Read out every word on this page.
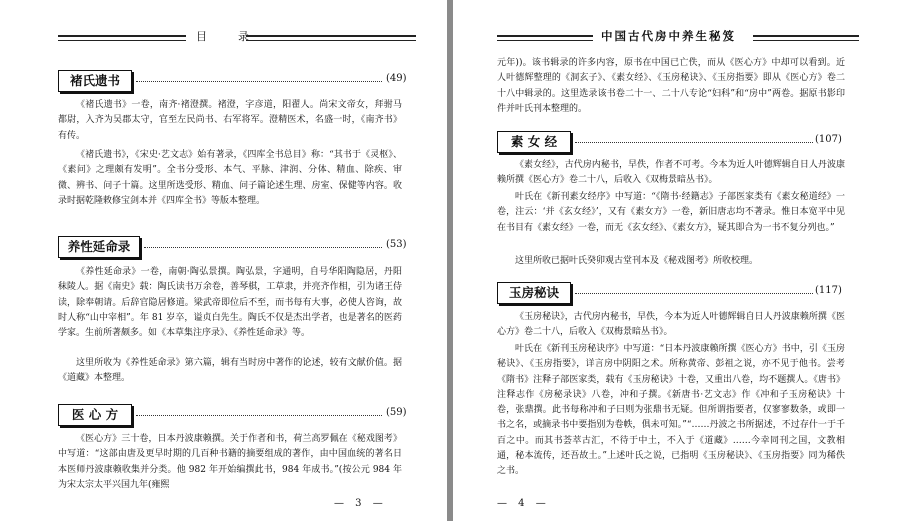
目　录
褚氏遗书	(49)
《褚氏遗书》一卷，南齐·褚澄撰。褚澄，字彦道，阳翟人。尚宋文帝女，拜驸马都尉，入齐为吴郡太守，官至左民尚书、右军将军。澄精医术，名盛一时，《南齐书》有传。
《褚氏遗书》，《宋史·艺文志》始有著录，《四库全书总目》称：“其书于《灵枢》、《素问》之理颇有发明”。全书分受形、本气、平脉、津润、分体、精血、除疾、审微、辨书、问子十篇。这里所选受形、精血、问子篇论述生理、房室、保健等内容。收录时据乾隆敕修宝剑本并《四库全书》等版本整理。
养性延命录	(53)
《养性延命录》一卷，南朝·陶弘景撰。陶弘景，字通明，自号华阳陶隐居，丹阳秣陵人。据《南史》载：陶氏读书万余卷，善琴棋，工草隶，并亮齐作相，引为诸王侍读，除奉朝请。后辞官隐居修道。梁武帝即位后不至，而书每有大事，必使人咨询，故时人称“山中宰相”。年 81 岁卒，谥贞白先生。陶氏不仅是杰出学者，也是著名的医药学家。生前所著颇多。如《本草集注序录》、《养性延命录》等。
这里所收为《养性延命录》第六篇，辑有当时房中著作的论述，较有文献价值。据《道藏》本整理。
医 心 方	(59)
《医心方》三十卷，日本丹波康赖撰。关于作者和书，荷兰高罗佩在《秘戏图考》中写道：“这部由唐及更早时期的几百种书籍的摘要组成的著作，由中国血统的著名日本医师丹波康赖收集并分类。他 982 年开始编撰此书，984 年成书。”(按公元 984 年为宋太宗太平兴国九年(雍熙
— 3 —
中国古代房中养生秘笈
元年))。该书辑录的许多内容，原书在中国已亡佚，而从《医心方》中却可以看到。近人叶德辉整理的《洞玄子》、《素女经》、《玉房秘诀》、《玉房指要》即从《医心方》卷二十八中辑录的。这里选录该书卷二十一、二十八专论“妇科”和“房中”两卷。据原书影印件并叶氏刊本整理的。
素 女 经	(107)
《素女经》，古代房内秘书，早佚，作者不可考。今本为近人叶德辉辑自日人丹波康赖所撰《医心方》卷二十八，后收入《双梅景暗丛书》。
叶氏在《新刊素女经序》中写道：“《隋书·经籍志》子部医家类有《素女秘道经》一卷，注云：‘并《玄女经》’，又有《素女方》一卷，新旧唐志均不著录。惟日本宽平中见在书目有《素女经》一卷，而无《玄女经》、《素女方》，疑其即合为一书不复分列也。”
这里所收已据叶氏癸卯观古堂刊本及《秘戏图考》所收校理。
玉房秘诀	(117)
《玉房秘诀》，古代房内秘书，早佚，今本为近人叶德辉辑自日人丹波康赖所撰《医心方》卷二十八，后收入《双梅景暗丛书》。
叶氏在《新刊玉房秘诀序》中写道：“日本丹波康赖所撰《医心方》书中，引《玉房秘诀》、《玉房指要》，详言房中阴阳之术。所称黄帝、彭祖之说，亦不见于他书。尝考《隋书》注释子部医家类，载有《玉房秘诀》十卷，又重出八卷，均不题撰人。《唐书》注释志作《房秘录诀》八卷，冲和子撰。《新唐书·艺文志》作《冲和子玉房秘诀》十卷，张鼎撰。此书每称冲和子曰则为张鼎书无疑。但所谓指要者，仅寥寥数条，或即一书之名，或摘录书中要指别为卷帙，俱未可知。”“……丹波之书所据述，不过存什一于千百之中。而其书荟萃古汇，不待于中土，不入于《道藏》……今幸同刊之国，文教相通，秘本流传，还吾故土。”上述叶氏之说，已指明《玉房秘诀》、《玉房指要》同为稀佚之书。
— 4 —
